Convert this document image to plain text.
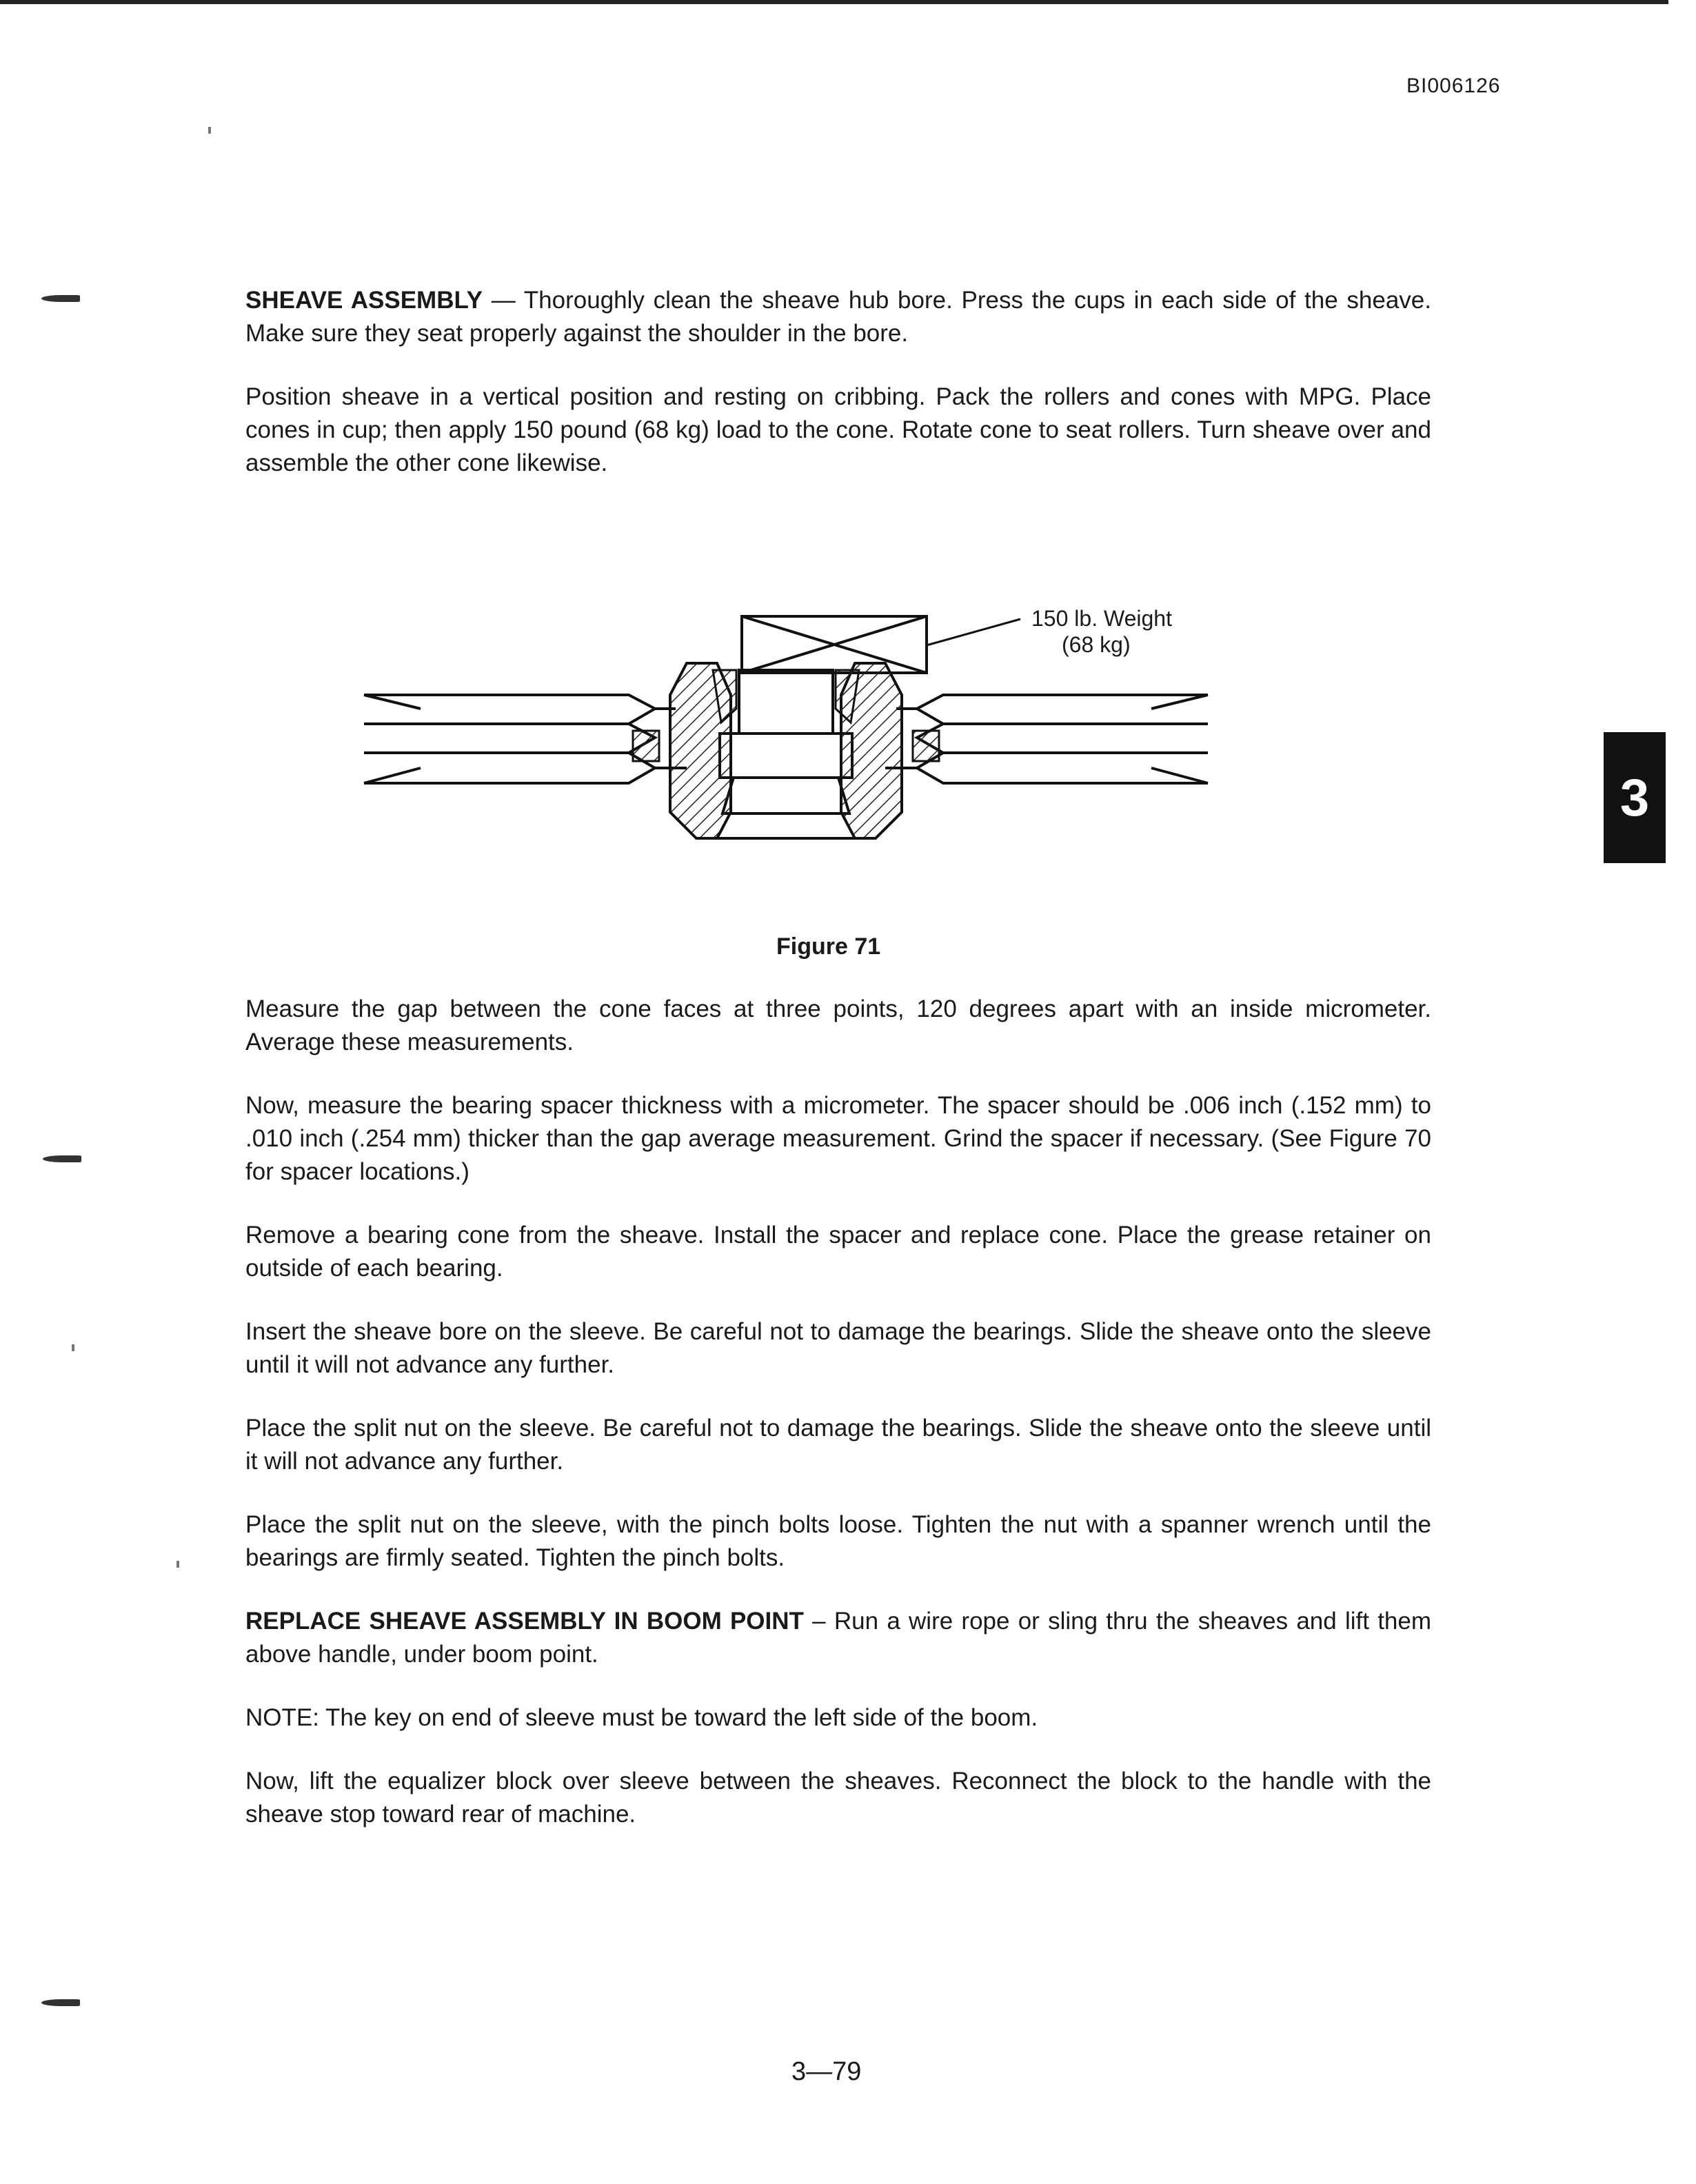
BI006126

SHEAVE ASSEMBLY — Thoroughly clean the sheave hub bore. Press the cups in each side of the sheave. Make sure they seat properly against the shoulder in the bore.

Position sheave in a vertical position and resting on cribbing. Pack the rollers and cones with MPG. Place cones in cup; then apply 150 pound (68 kg) load to the cone. Rotate cone to seat rollers. Turn sheave over and assemble the other cone likewise.

150 lb. Weight
(68 kg)
Figure 71

Measure the gap between the cone faces at three points, 120 degrees apart with an inside micrometer. Average these measurements.

Now, measure the bearing spacer thickness with a micrometer. The spacer should be .006 inch (.152 mm) to .010 inch (.254 mm) thicker than the gap average measurement. Grind the spacer if necessary. (See Figure 70 for spacer locations.)

Remove a bearing cone from the sheave. Install the spacer and replace cone. Place the grease retainer on outside of each bearing.

Insert the sheave bore on the sleeve. Be careful not to damage the bearings. Slide the sheave onto the sleeve until it will not advance any further.

Place the split nut on the sleeve. Be careful not to damage the bearings. Slide the sheave onto the sleeve until it will not advance any further.

Place the split nut on the sleeve, with the pinch bolts loose. Tighten the nut with a spanner wrench until the bearings are firmly seated. Tighten the pinch bolts.

REPLACE SHEAVE ASSEMBLY IN BOOM POINT – Run a wire rope or sling thru the sheaves and lift them above handle, under boom point.

NOTE: The key on end of sleeve must be toward the left side of the boom.

Now, lift the equalizer block over sleeve between the sheaves. Reconnect the block to the handle with the sheave stop toward rear of machine.

3
3—79
